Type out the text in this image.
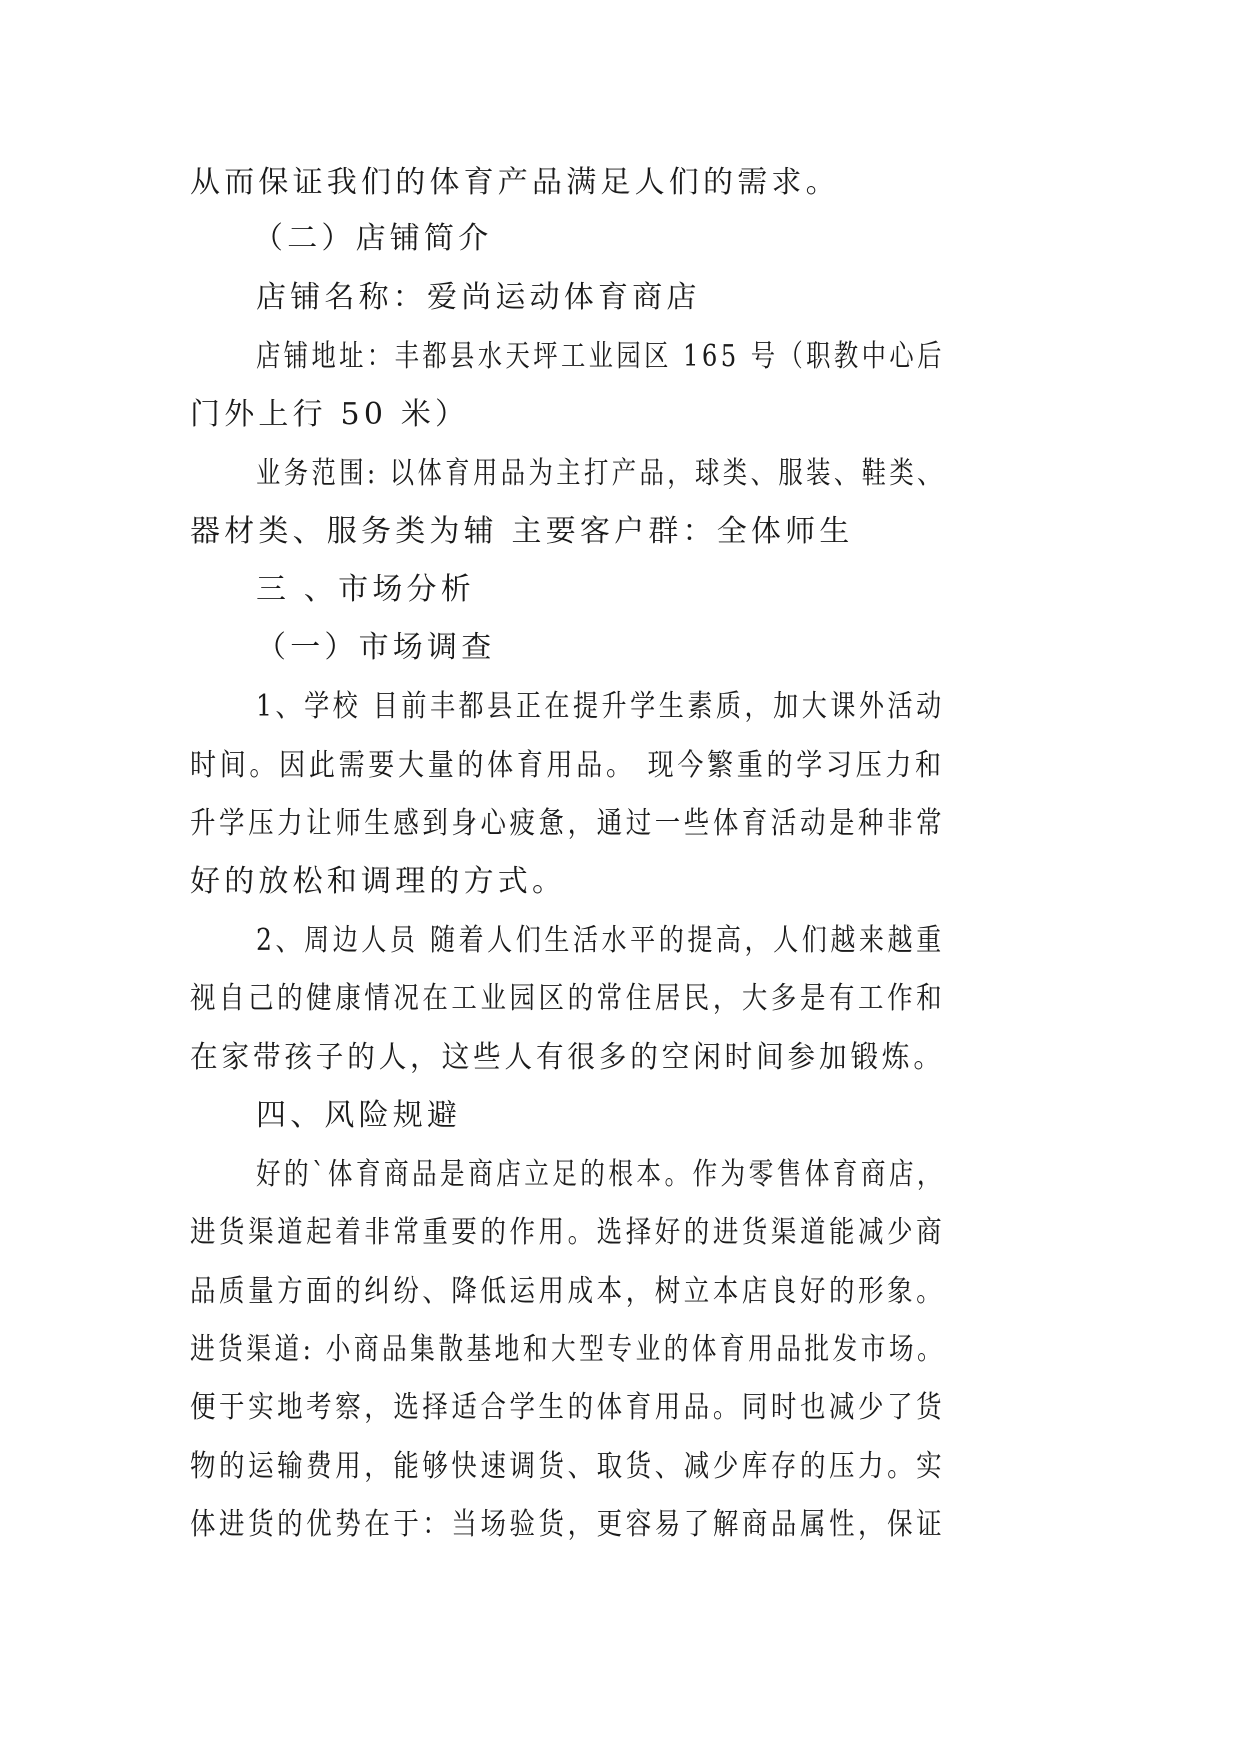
从而保证我们的体育产品满足人们的需求。
（二）店铺简介
店铺名称：爱尚运动体育商店
店铺地址：丰都县水天坪工业园区 165 号（职教中心后
门外上行 50 米）
业务范围: 以体育用品为主打产品，球类、服装、鞋类、
器材类、服务类为辅 主要客户群：全体师生
三 、市场分析
（一）市场调查
1、学校 目前丰都县正在提升学生素质，加大课外活动
时间。因此需要大量的体育用品。 现今繁重的学习压力和
升学压力让师生感到身心疲惫，通过一些体育活动是种非常
好的放松和调理的方式。
2、周边人员 随着人们生活水平的提高，人们越来越重
视自己的健康情况在工业园区的常住居民，大多是有工作和
在家带孩子的人，这些人有很多的空闲时间参加锻炼。
四、风险规避
好的`体育商品是商店立足的根本。作为零售体育商店，
进货渠道起着非常重要的作用。选择好的进货渠道能减少商
品质量方面的纠纷、降低运用成本，树立本店良好的形象。
进货渠道: 小商品集散基地和大型专业的体育用品批发市场。
便于实地考察，选择适合学生的体育用品。同时也减少了货
物的运输费用，能够快速调货、取货、减少库存的压力。实
体进货的优势在于：当场验货，更容易了解商品属性，保证
